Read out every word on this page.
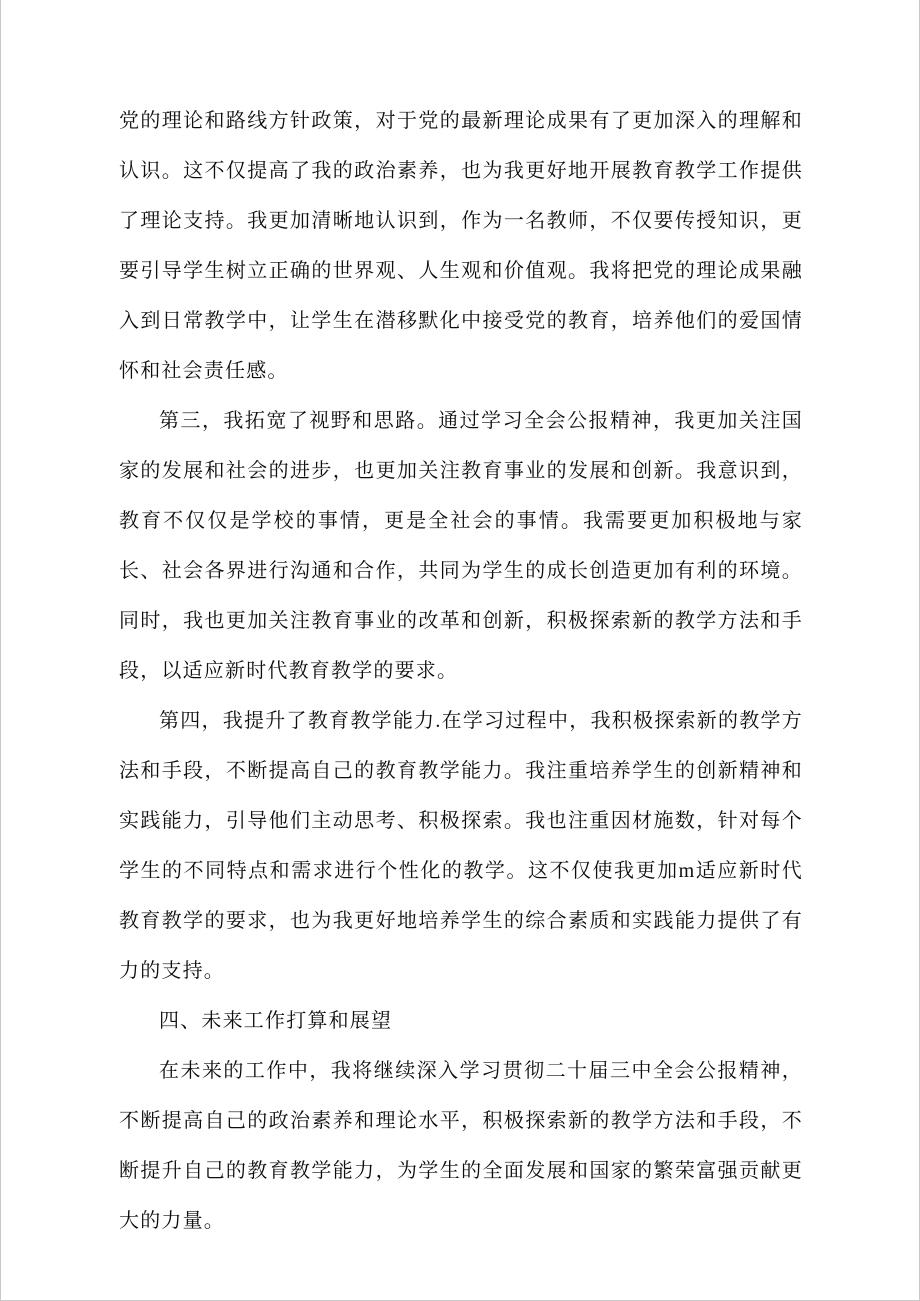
党的理论和路线方针政策，对于党的最新理论成果有了更加深入的理解和认识。这不仅提高了我的政治素养，也为我更好地开展教育教学工作提供了理论支持。我更加清晰地认识到，作为一名教师，不仅要传授知识，更要引导学生树立正确的世界观、人生观和价值观。我将把党的理论成果融入到日常教学中，让学生在潜移默化中接受党的教育，培养他们的爱国情怀和社会责任感。

第三，我拓宽了视野和思路。通过学习全会公报精神，我更加关注国家的发展和社会的进步，也更加关注教育事业的发展和创新。我意识到，教育不仅仅是学校的事情，更是全社会的事情。我需要更加积极地与家长、社会各界进行沟通和合作，共同为学生的成长创造更加有利的环境。同时，我也更加关注教育事业的改革和创新，积极探索新的教学方法和手段，以适应新时代教育教学的要求。

第四，我提升了教育教学能力.在学习过程中，我积极探索新的教学方法和手段，不断提高自己的教育教学能力。我注重培养学生的创新精神和实践能力，引导他们主动思考、积极探索。我也注重因材施数，针对每个学生的不同特点和需求进行个性化的教学。这不仅使我更加m适应新时代教育教学的要求，也为我更好地培养学生的综合素质和实践能力提供了有力的支持。

四、未来工作打算和展望

在未来的工作中，我将继续深入学习贯彻二十届三中全会公报精神，不断提高自己的政治素养和理论水平，积极探索新的教学方法和手段，不断提升自己的教育教学能力，为学生的全面发展和国家的繁荣富强贡献更大的力量。
